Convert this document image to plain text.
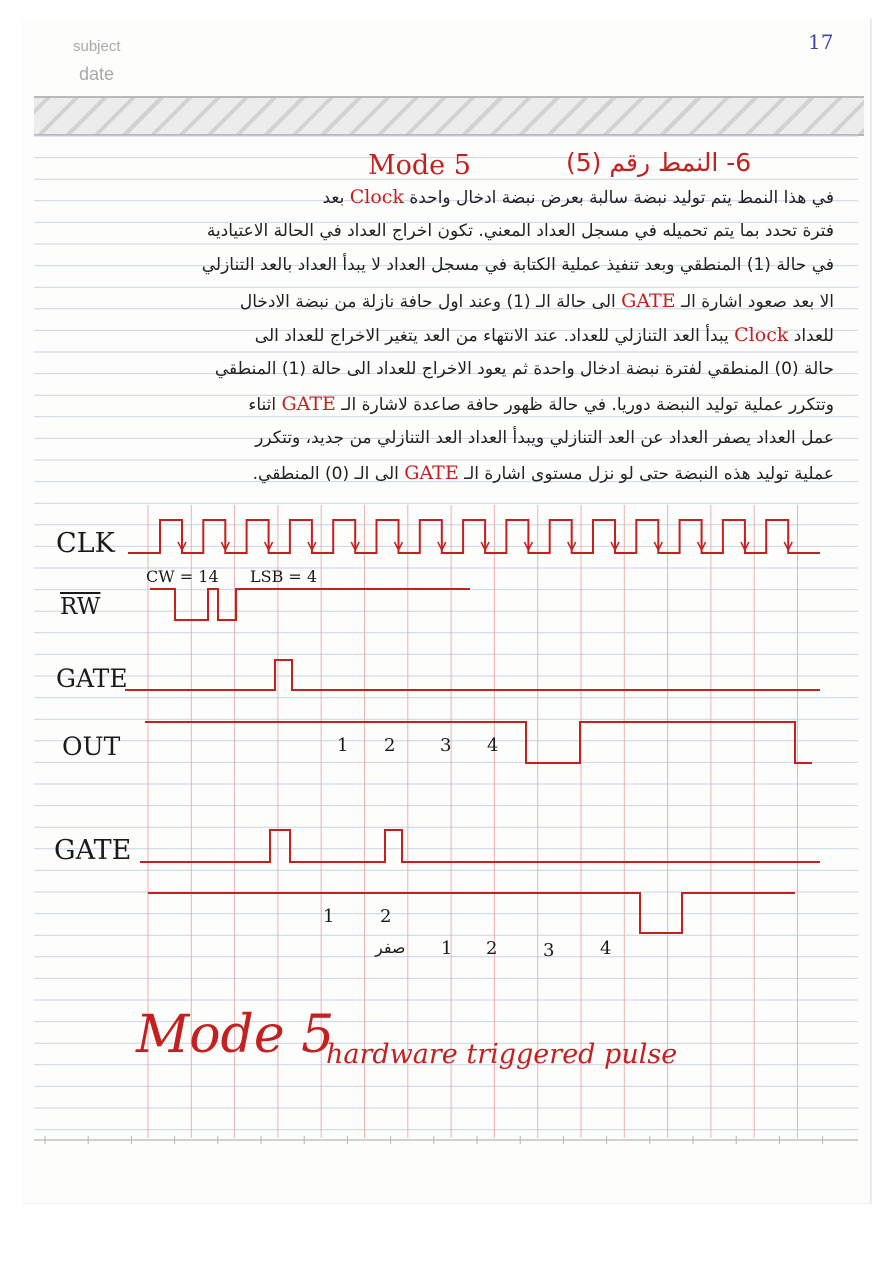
subject
date
17
Mode 5	6- النمط رقم (5)
في هذا النمط يتم توليد نبضة سالبة بعرض نبضة ادخال واحدة Clock بعد
فترة تحدد بما يتم تحميله في مسجل العداد المعني. تكون اخراج العداد في الحالة الاعتيادية
في حالة (1) المنطقي وبعد تنفيذ عملية الكتابة في مسجل العداد لا يبدأ العداد بالعد التنازلي
الا بعد صعود اشارة الـ GATE الى حالة الـ (1) وعند اول حافة نازلة من نبضة الادخال
للعداد Clock يبدأ العد التنازلي للعداد. عند الانتهاء من العد يتغير الاخراج للعداد الى
حالة (0) المنطقي لفترة نبضة ادخال واحدة ثم يعود الاخراج للعداد الى حالة (1) المنطقي
وتتكرر عملية توليد النبضة دوريا. في حالة ظهور حافة صاعدة لاشارة الـ GATE اثناء
عمل العداد يصفر العداد عن العد التنازلي ويبدأ العداد العد التنازلي من جديد، وتتكرر
عملية توليد هذه النبضة حتى لو نزل مستوى اشارة الـ GATE الى الـ (0) المنطقي.
CLK
$\overline{RW}$
GATE
OUT
GATE
CW = 14 LSB = 4
1 2 3 4
1	2
صفر 1 2	3	4
Mode 5
hardware triggered pulse
